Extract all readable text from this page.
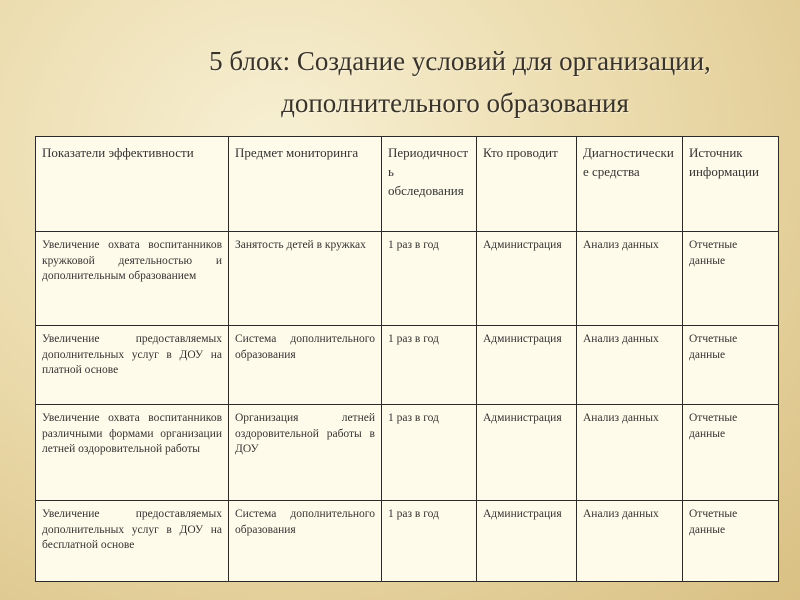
5 блок: Создание условий для организации,
дополнительного образования
Показатели эффективности	Предмет мониторинга	Периодичность обследования	Кто проводит	Диагностические средства	Источник информации
Увеличение охвата воспитанников кружковой деятельностью и дополнительным образованием	Занятость детей в кружках	1 раз в год	Администрация	Анализ данных	Отчетные данные
Увеличение предоставляемых дополнительных услуг в ДОУ на платной основе	Система дополнительного образования	1 раз в год	Администрация	Анализ данных	Отчетные данные
Увеличение охвата воспитанников различными формами организации летней оздоровительной работы	Организация летней оздоровительной работы в ДОУ	1 раз в год	Администрация	Анализ данных	Отчетные данные
Увеличение предоставляемых дополнительных услуг в ДОУ на бесплатной основе	Система дополнительного образования	1 раз в год	Администрация	Анализ данных	Отчетные данные
